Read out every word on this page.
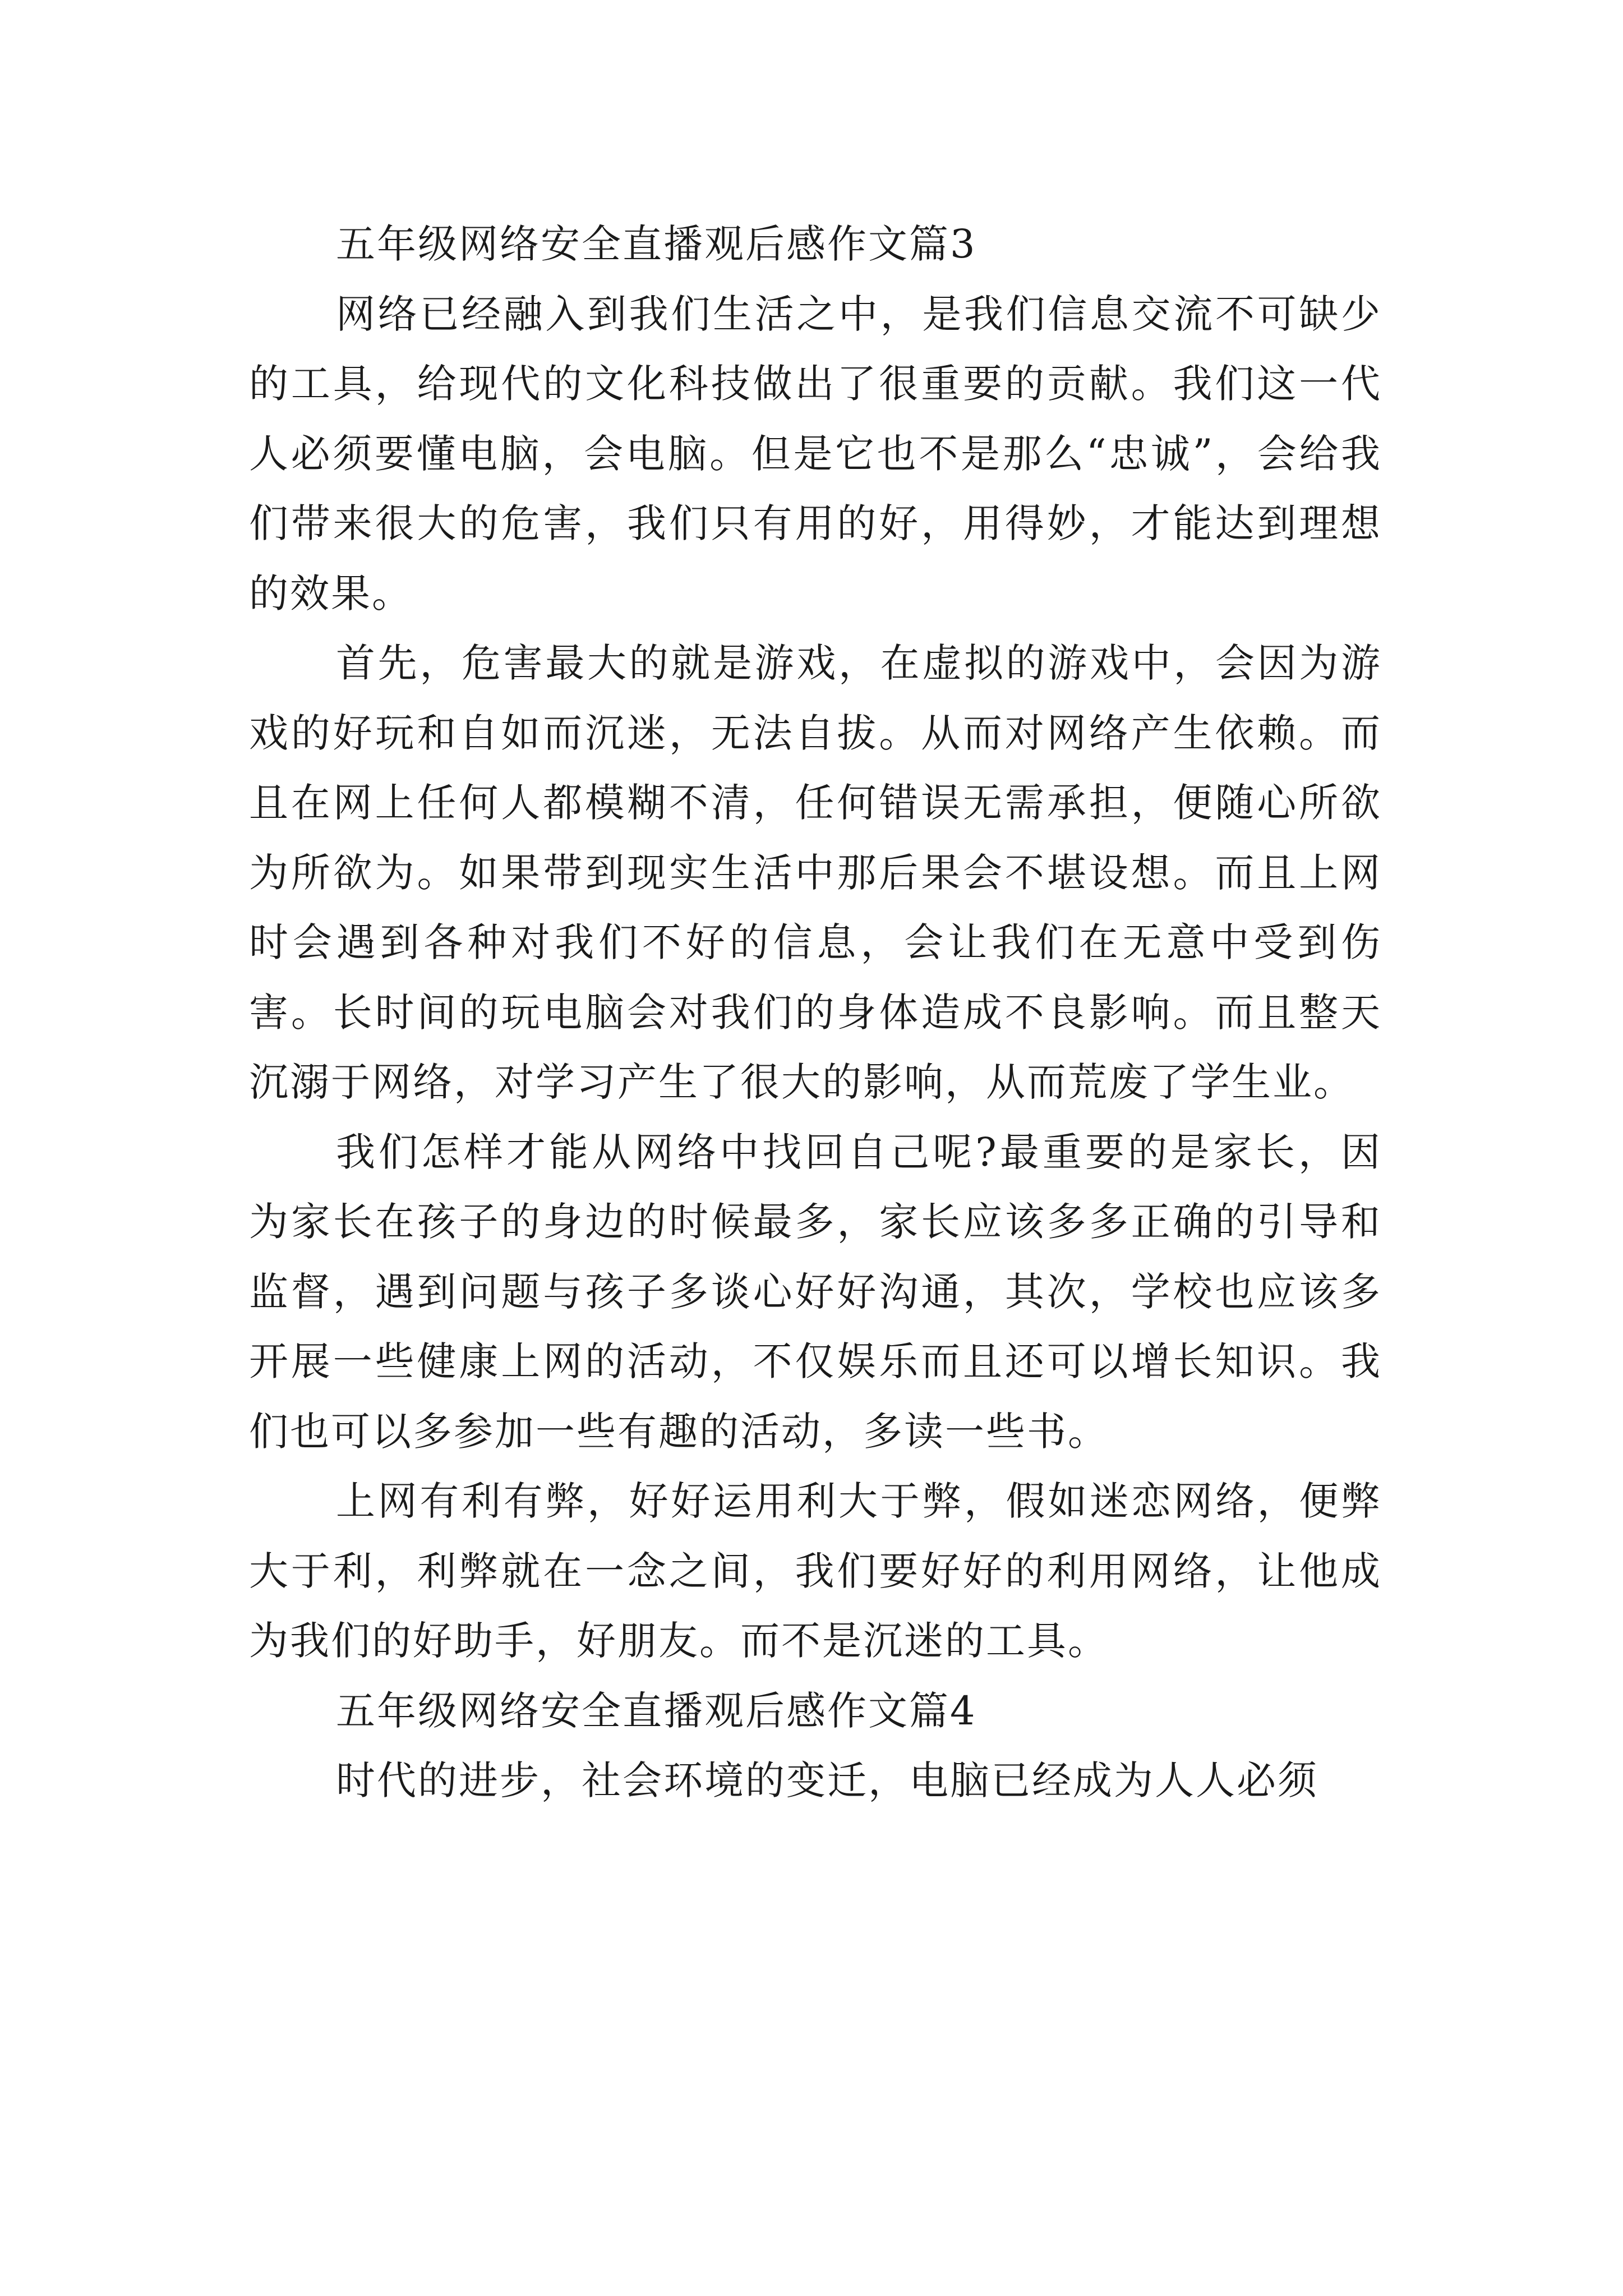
五年级网络安全直播观后感作文篇3

网络已经融入到我们生活之中，是我们信息交流不可缺少的工具，给现代的文化科技做出了很重要的贡献。我们这一代人必须要懂电脑，会电脑。但是它也不是那么“忠诚”，会给我们带来很大的危害，我们只有用的好，用得妙，才能达到理想的效果。

首先，危害最大的就是游戏，在虚拟的游戏中，会因为游戏的好玩和自如而沉迷，无法自拔。从而对网络产生依赖。而且在网上任何人都模糊不清，任何错误无需承担，便随心所欲为所欲为。如果带到现实生活中那后果会不堪设想。而且上网时会遇到各种对我们不好的信息，会让我们在无意中受到伤害。长时间的玩电脑会对我们的身体造成不良影响。而且整天沉溺于网络，对学习产生了很大的影响，从而荒废了学生业。

我们怎样才能从网络中找回自己呢?最重要的是家长，因为家长在孩子的身边的时候最多，家长应该多多正确的引导和监督，遇到问题与孩子多谈心好好沟通，其次，学校也应该多开展一些健康上网的活动，不仅娱乐而且还可以增长知识。我们也可以多参加一些有趣的活动，多读一些书。

上网有利有弊，好好运用利大于弊，假如迷恋网络，便弊大于利，利弊就在一念之间，我们要好好的利用网络，让他成为我们的好助手，好朋友。而不是沉迷的工具。

五年级网络安全直播观后感作文篇4

时代的进步，社会环境的变迁，电脑已经成为人人必须
